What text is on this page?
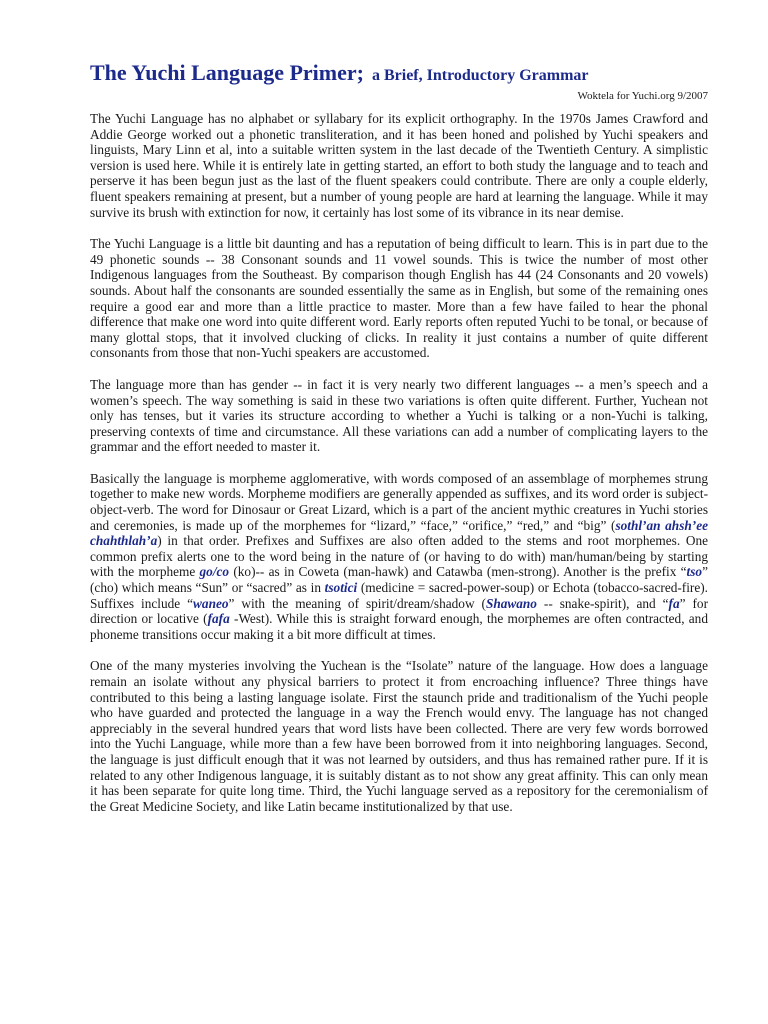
The Yuchi Language Primer; a Brief, Introductory Grammar
Woktela for Yuchi.org 9/2007

The Yuchi Language has no alphabet or syllabary for its explicit orthography. In the 1970s James Crawford and Addie George worked out a phonetic transliteration, and it has been honed and polished by Yuchi speakers and linguists, Mary Linn et al, into a suitable written system in the last decade of the Twentieth Century. A simplistic version is used here. While it is entirely late in getting started, an effort to both study the language and to teach and perserve it has been begun just as the last of the fluent speakers could contribute. There are only a couple elderly, fluent speakers remaining at present, but a number of young people are hard at learning the language. While it may survive its brush with extinction for now, it certainly has lost some of its vibrance in its near demise.

The Yuchi Language is a little bit daunting and has a reputation of being difficult to learn. This is in part due to the 49 phonetic sounds -- 38 Consonant sounds and 11 vowel sounds. This is twice the number of most other Indigenous languages from the Southeast. By comparison though English has 44 (24 Consonants and 20 vowels) sounds. About half the consonants are sounded essentially the same as in English, but some of the remaining ones require a good ear and more than a little practice to master. More than a few have failed to hear the phonal difference that make one word into quite different word. Early reports often reputed Yuchi to be tonal, or because of many glottal stops, that it involved clucking of clicks. In reality it just contains a number of quite different consonants from those that non-Yuchi speakers are accustomed.

The language more than has gender -- in fact it is very nearly two different languages -- a men’s speech and a women’s speech. The way something is said in these two variations is often quite different. Further, Yuchean not only has tenses, but it varies its structure according to whether a Yuchi is talking or a non-Yuchi is talking, preserving contexts of time and circumstance. All these variations can add a number of complicating layers to the grammar and the effort needed to master it.

Basically the language is morpheme agglomerative, with words composed of an assemblage of morphemes strung together to make new words. Morpheme modifiers are generally appended as suffixes, and its word order is subject-object-verb. The word for Dinosaur or Great Lizard, which is a part of the ancient mythic creatures in Yuchi stories and ceremonies, is made up of the morphemes for “lizard,” “face,” “orifice,” “red,” and “big” (sothl’an ahsh’ee chahthlah’a) in that order. Prefixes and Suffixes are also often added to the stems and root morphemes. One common prefix alerts one to the word being in the nature of (or having to do with) man/human/being by starting with the morpheme go/co (ko)-- as in Coweta (man-hawk) and Catawba (men-strong). Another is the prefix “tso” (cho) which means “Sun” or “sacred” as in tsotici (medicine = sacred-power-soup) or Echota (tobacco-sacred-fire). Suffixes include “waneo” with the meaning of spirit/dream/shadow (Shawano -- snake-spirit), and “fa” for direction or locative (fafa -West). While this is straight forward enough, the morphemes are often contracted, and phoneme transitions occur making it a bit more difficult at times.

One of the many mysteries involving the Yuchean is the “Isolate” nature of the language. How does a language remain an isolate without any physical barriers to protect it from encroaching influence? Three things have contributed to this being a lasting language isolate. First the staunch pride and traditionalism of the Yuchi people who have guarded and protected the language in a way the French would envy. The language has not changed appreciably in the several hundred years that word lists have been collected. There are very few words borrowed into the Yuchi Language, while more than a few have been borrowed from it into neighboring languages. Second, the language is just difficult enough that it was not learned by outsiders, and thus has remained rather pure. If it is related to any other Indigenous language, it is suitably distant as to not show any great affinity. This can only mean it has been separate for quite long time. Third, the Yuchi language served as a repository for the ceremonialism of the Great Medicine Society, and like Latin became institutionalized by that use.
